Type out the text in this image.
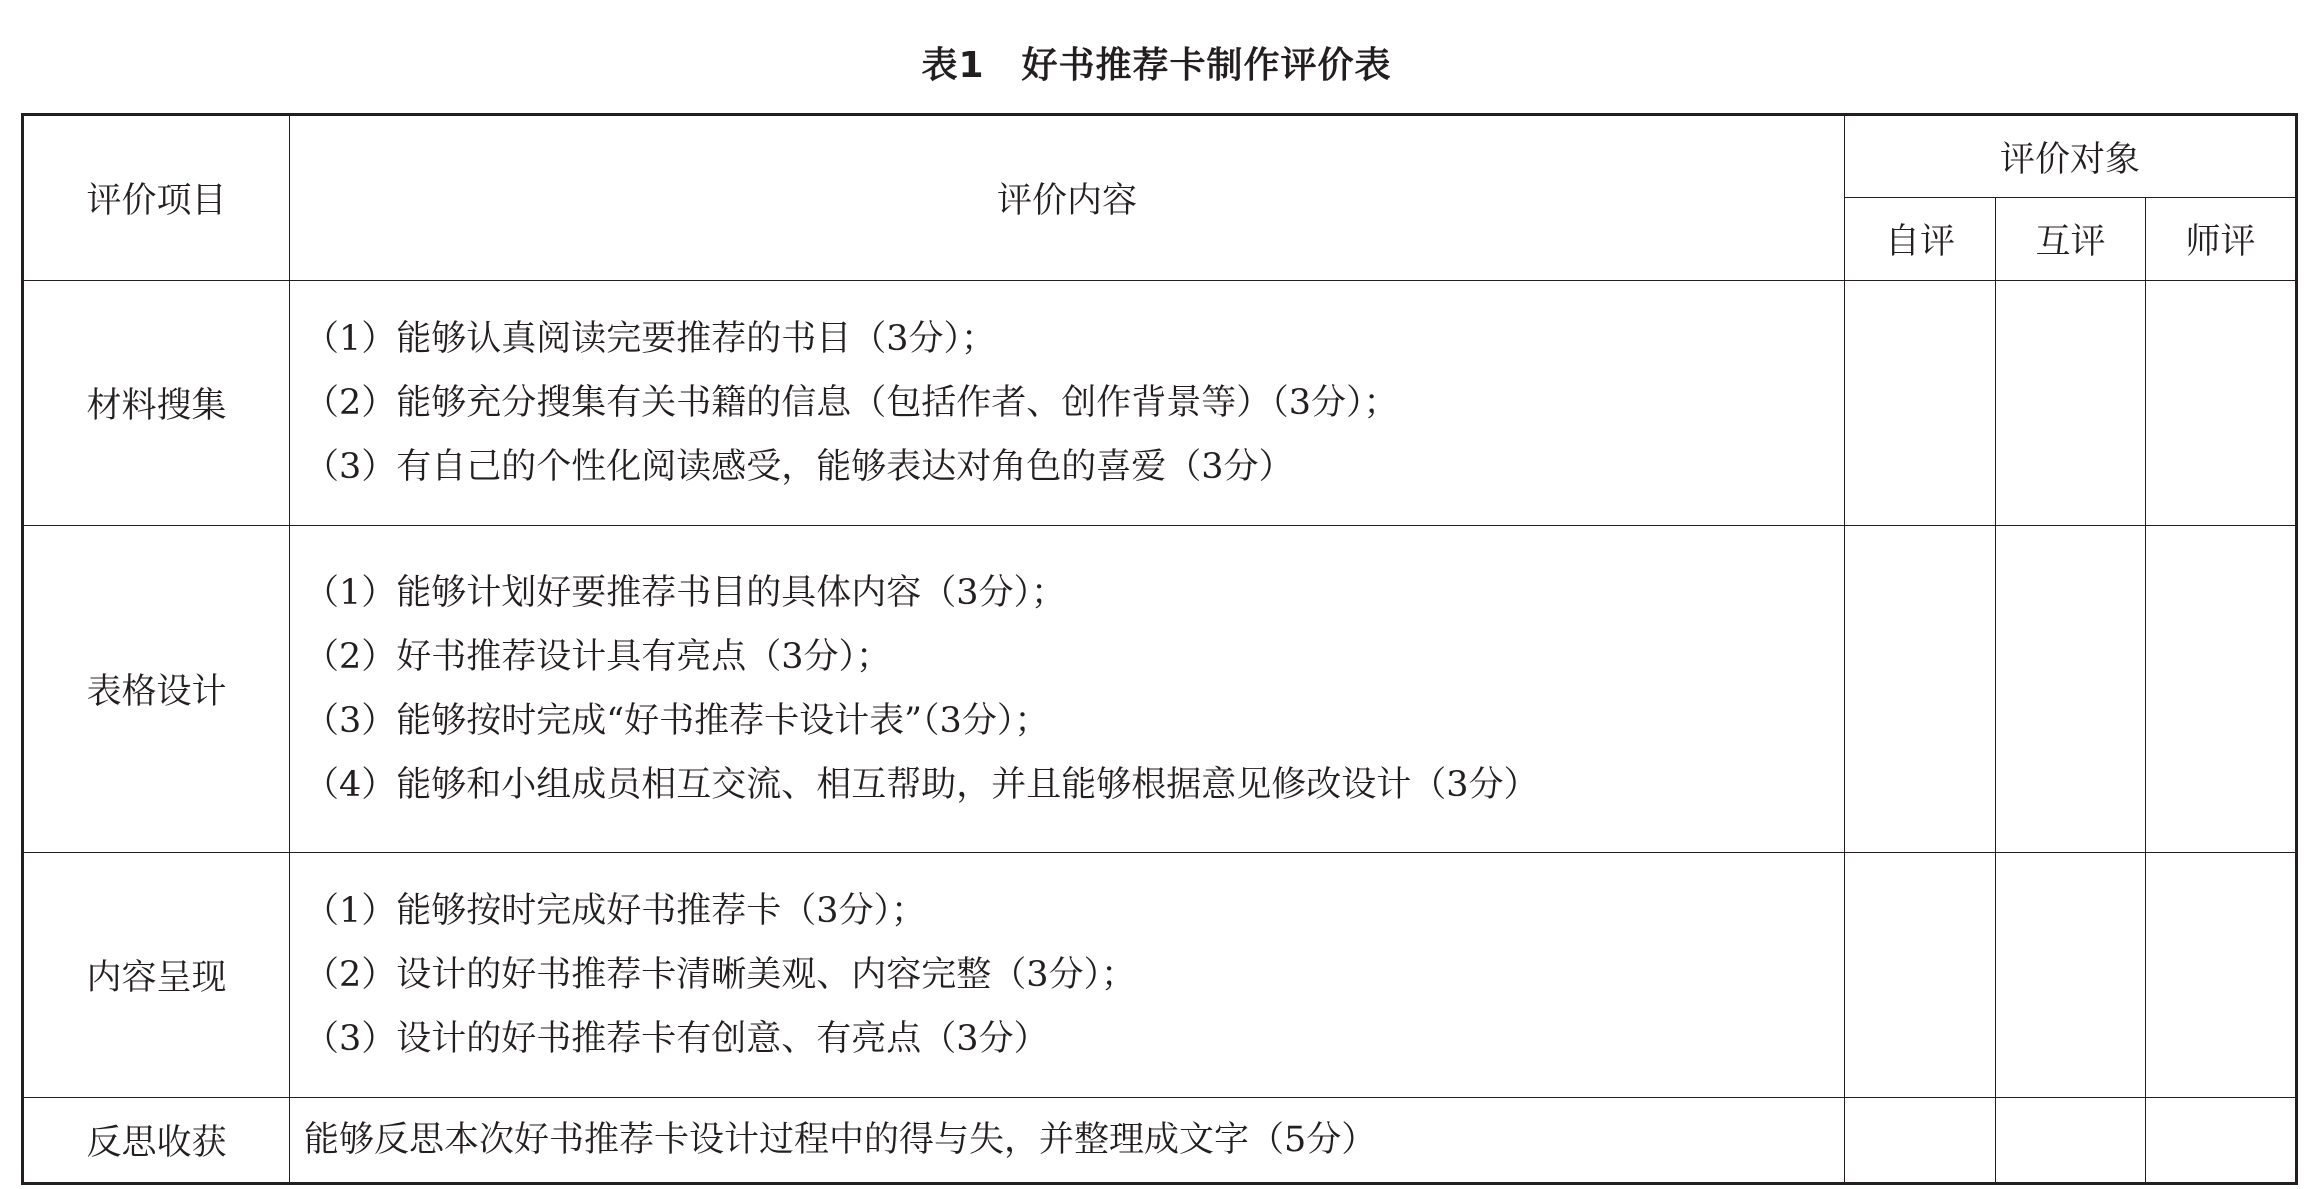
表1　好书推荐卡制作评价表
评价项目	评价内容	评价对象		
		自评	互评	师评
材料搜集	（1）能够认真阅读完要推荐的书目（3分）；
（2）能够充分搜集有关书籍的信息（包括作者、创作背景等）（3分）；
（3）有自己的个性化阅读感受，能够表达对角色的喜爱（3分）			

表格设计	（1）能够计划好要推荐书目的具体内容（3分）；
（2）好书推荐设计具有亮点（3分）；
（3）能够按时完成“好书推荐卡设计表”（3分）；
（4）能够和小组成员相互交流、相互帮助，并且能够根据意见修改设计（3分）			

内容呈现	（1）能够按时完成好书推荐卡（3分）；
（2）设计的好书推荐卡清晰美观、内容完整（3分）；
（3）设计的好书推荐卡有创意、有亮点（3分）			

反思收获	能够反思本次好书推荐卡设计过程中的得与失，并整理成文字（5分）			
